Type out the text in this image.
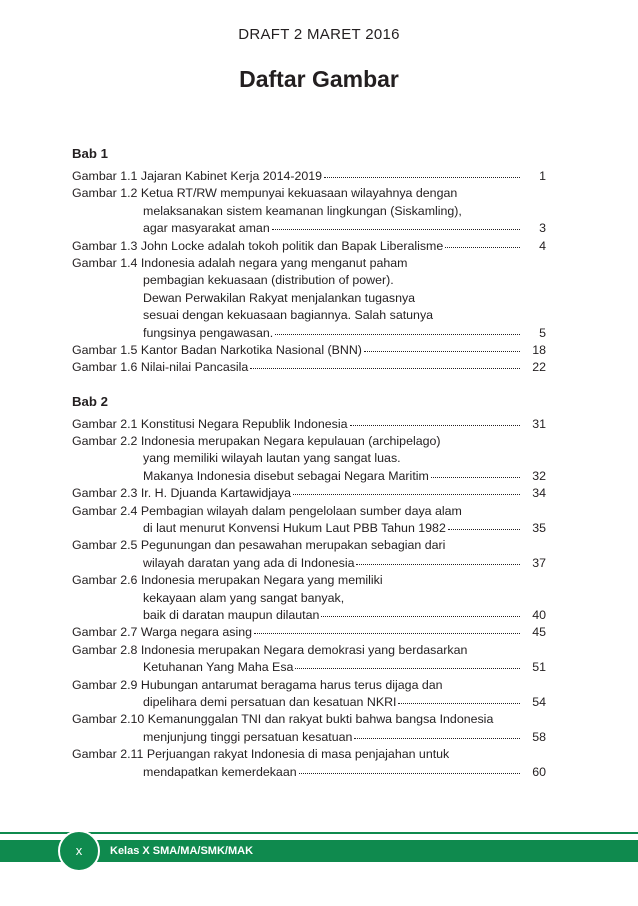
DRAFT 2 MARET 2016
Daftar Gambar
Bab 1
Gambar 1.1 Jajaran Kabinet Kerja 2014-2019	1
Gambar 1.2 Ketua RT/RW mempunyai kekuasaan wilayahnya dengan
melaksanakan sistem keamanan lingkungan (Siskamling),
agar masyarakat aman	3
Gambar 1.3 John Locke adalah tokoh politik dan Bapak Liberalisme	4
Gambar 1.4 Indonesia adalah negara yang menganut paham
pembagian kekuasaan (distribution of power).
Dewan Perwakilan Rakyat menjalankan tugasnya
sesuai dengan kekuasaan bagiannya. Salah satunya
fungsinya pengawasan.	5
Gambar 1.5 Kantor Badan Narkotika Nasional (BNN)	18
Gambar 1.6 Nilai-nilai Pancasila	22
Bab 2
Gambar 2.1 Konstitusi Negara Republik Indonesia	31
Gambar 2.2 Indonesia merupakan Negara kepulauan (archipelago)
yang memiliki wilayah lautan yang sangat luas.
Makanya Indonesia disebut sebagai Negara Maritim	32
Gambar 2.3 Ir. H. Djuanda Kartawidjaya	34
Gambar 2.4 Pembagian wilayah dalam pengelolaan sumber daya alam
di laut menurut Konvensi Hukum Laut PBB Tahun 1982	35
Gambar 2.5 Pegunungan dan pesawahan merupakan sebagian dari
wilayah daratan yang ada di Indonesia	37
Gambar 2.6 Indonesia merupakan Negara yang memiliki
kekayaan alam yang sangat banyak,
baik di daratan maupun dilautan	40
Gambar 2.7 Warga negara asing	45
Gambar 2.8 Indonesia merupakan Negara demokrasi yang berdasarkan
Ketuhanan Yang Maha Esa	51
Gambar 2.9 Hubungan antarumat beragama harus terus dijaga dan
dipelihara demi persatuan dan kesatuan NKRI	54
Gambar 2.10 Kemanunggalan TNI dan rakyat bukti bahwa bangsa Indonesia
menjunjung tinggi persatuan kesatuan	58
Gambar 2.11 Perjuangan rakyat Indonesia di masa penjajahan untuk
mendapatkan kemerdekaan	60
x	Kelas X SMA/MA/SMK/MAK
